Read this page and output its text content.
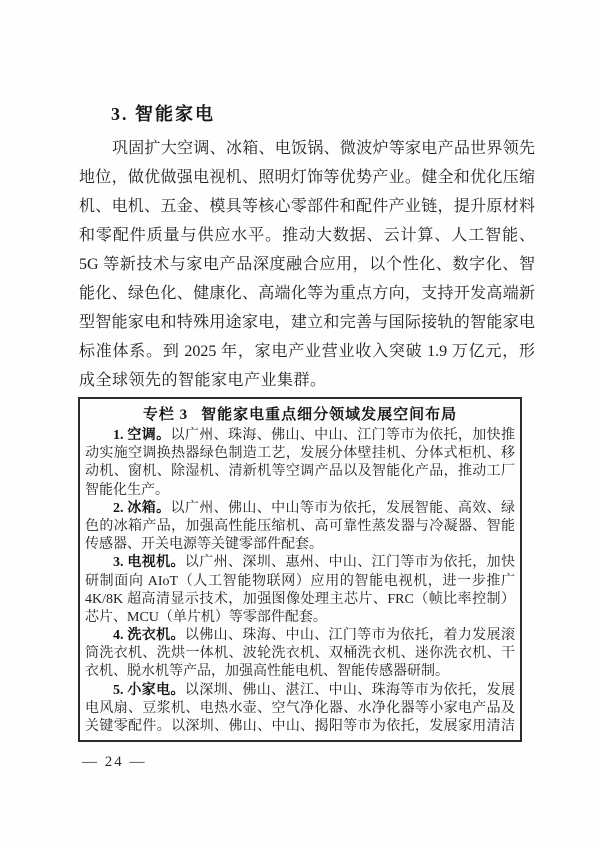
3. 智能家电
巩固扩大空调、冰箱、电饭锅、微波炉等家电产品世界领先
地位，做优做强电视机、照明灯饰等优势产业。健全和优化压缩
机、电机、五金、模具等核心零部件和配件产业链，提升原材料
和零配件质量与供应水平。推动大数据、云计算、人工智能、
5G 等新技术与家电产品深度融合应用，以个性化、数字化、智
能化、绿色化、健康化、高端化等为重点方向，支持开发高端新
型智能家电和特殊用途家电，建立和完善与国际接轨的智能家电
标准体系。到 2025 年，家电产业营业收入突破 1.9 万亿元，形
成全球领先的智能家电产业集群。
专栏 3 智能家电重点细分领域发展空间布局
1. 空调。以广州、珠海、佛山、中山、江门等市为依托，加快推
动实施空调换热器绿色制造工艺，发展分体壁挂机、分体式柜机、移
动机、窗机、除湿机、清新机等空调产品以及智能化产品，推动工厂
智能化生产。
2. 冰箱。以广州、佛山、中山等市为依托，发展智能、高效、绿
色的冰箱产品，加强高性能压缩机、高可靠性蒸发器与冷凝器、智能
传感器、开关电源等关键零部件配套。
3. 电视机。以广州、深圳、惠州、中山、江门等市为依托，加快
研制面向 AIoT（人工智能物联网）应用的智能电视机，进一步推广
4K/8K 超高清显示技术，加强图像处理主芯片、FRC（帧比率控制）
芯片、MCU（单片机）等零部件配套。
4. 洗衣机。以佛山、珠海、中山、江门等市为依托，着力发展滚
筒洗衣机、洗烘一体机、波轮洗衣机、双桶洗衣机、迷你洗衣机、干
衣机、脱水机等产品，加强高性能电机、智能传感器研制。
5. 小家电。以深圳、佛山、湛江、中山、珠海等市为依托，发展
电风扇、豆浆机、电热水壶、空气净化器、水净化器等小家电产品及
关键零配件。以深圳、佛山、中山、揭阳等市为依托，发展家用清洁
— 24 —
